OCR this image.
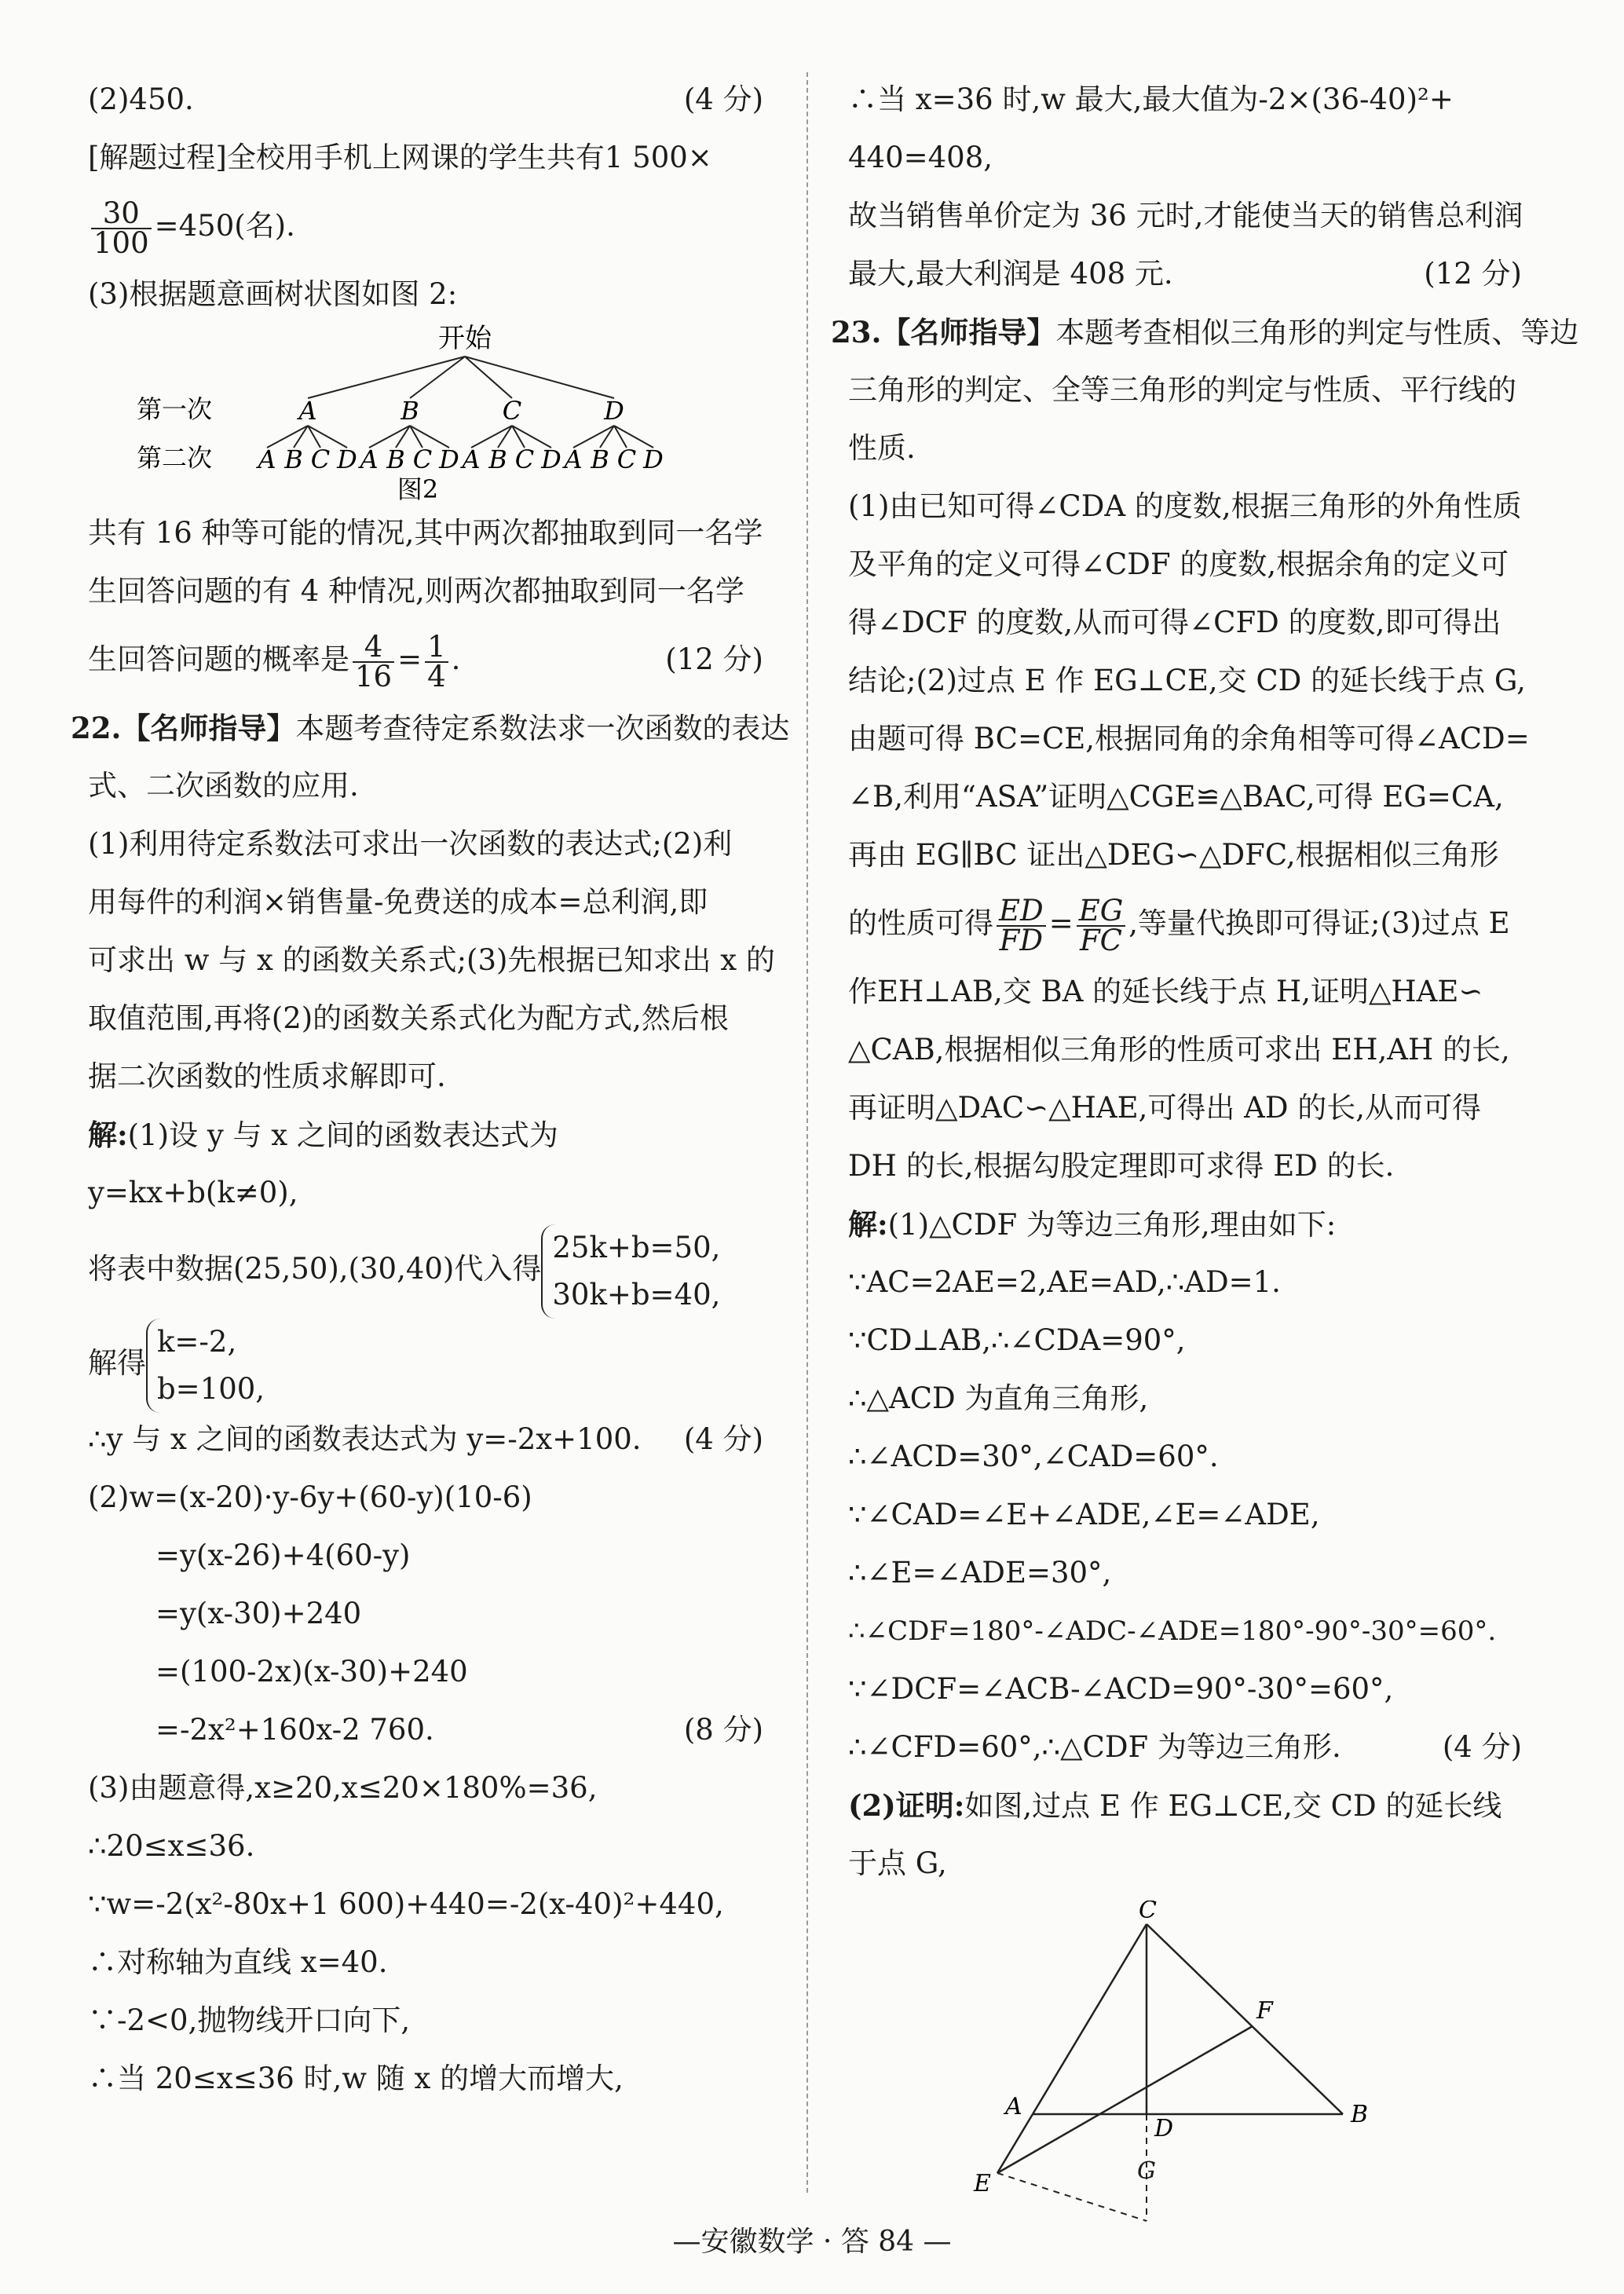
(2)450.	(4 分)
[解题过程]全校用手机上网课的学生共有1 500×
$\frac{30}{100} =450$(名).
(3)根据题意画树状图如图 2:
开始
第一次
第二次
A
A B C D
B
A B C D
C
A B C D
D
A B C D
图2
共有 16 种等可能的情况,其中两次都抽取到同一名学
生回答问题的有 4 种情况,则两次都抽取到同一名学
生回答问题的概率是 $\frac{4}{16} = \frac{1}{4}$ .	(12 分)
22.【名师指导】本题考查待定系数法求一次函数的表达
式、二次函数的应用.
(1)利用待定系数法可求出一次函数的表达式;(2)利
用每件的利润×销售量-免费送的成本=总利润,即
可求出 w 与 x 的函数关系式;(3)先根据已知求出 x 的
取值范围,再将(2)的函数关系式化为配方式,然后根
据二次函数的性质求解即可.
解:(1)设 y 与 x 之间的函数表达式为
y=kx+b(k≠0),
将表中数据(25,50),(30,40)代入得
25k+b=50,
30k+b=40,
解得
k=-2,
b=100,
∴y 与 x 之间的函数表达式为 y=-2x+100. (4 分)
(2)w=(x-20)·y-6y+(60-y)(10-6)
=y(x-26)+4(60-y)
=y(x-30)+240
=(100-2x)(x-30)+240
=-2x²+160x-2 760.	(8 分)
(3)由题意得,x≥20,x≤20×180%=36,
∴20≤x≤36.
∵w=-2(x²-80x+1 600)+440=-2(x-40)²+440,
∴对称轴为直线 x=40.
∵-2<0,抛物线开口向下,
∴当 20≤x≤36 时,w 随 x 的增大而增大,
∴当 x=36 时,w 最大,最大值为-2×(36-40)²+
440=408,
故当销售单价定为 36 元时,才能使当天的销售总利润
最大,最大利润是 408 元.	(12 分)
23.【名师指导】本题考查相似三角形的判定与性质、等边
三角形的判定、全等三角形的判定与性质、平行线的
性质.
(1)由已知可得∠CDA 的度数,根据三角形的外角性质
及平角的定义可得∠CDF 的度数,根据余角的定义可
得∠DCF 的度数,从而可得∠CFD 的度数,即可得出
结论;(2)过点 E 作 EG⊥CE,交 CD 的延长线于点 G,
由题可得 BC=CE,根据同角的余角相等可得∠ACD=
∠B,利用“ASA”证明△CGE≌△BAC,可得 EG=CA,
再由 EG∥BC 证出△DEG∽△DFC,根据相似三角形
的性质可得 $\frac{ED}{FD} = \frac{EG}{FC}$ ,等量代换即可得证;(3)过点 E
作EH⊥AB,交 BA 的延长线于点 H,证明△HAE∽
△CAB,根据相似三角形的性质可求出 EH,AH 的长,
再证明△DAC∽△HAE,可得出 AD 的长,从而可得
DH 的长,根据勾股定理即可求得 ED 的长.
解:(1)△CDF 为等边三角形,理由如下:
∵AC=2AE=2,AE=AD,∴AD=1.
∵CD⊥AB,∴∠CDA=90°,
∴△ACD 为直角三角形,
∴∠ACD=30°,∠CAD=60°.
∵∠CAD=∠E+∠ADE,∠E=∠ADE,
∴∠E=∠ADE=30°,
∴∠CDF=180°-∠ADC-∠ADE=180°-90°-30°=60°.
∵∠DCF=∠ACB-∠ACD=90°-30°=60°,
∴∠CFD=60°,∴△CDF 为等边三角形.	(4 分)
(2)证明:如图,过点 E 作 EG⊥CE,交 CD 的延长线
于点 G,
C
F
A
D
B
E	G
—安徽数学 · 答 84 —
